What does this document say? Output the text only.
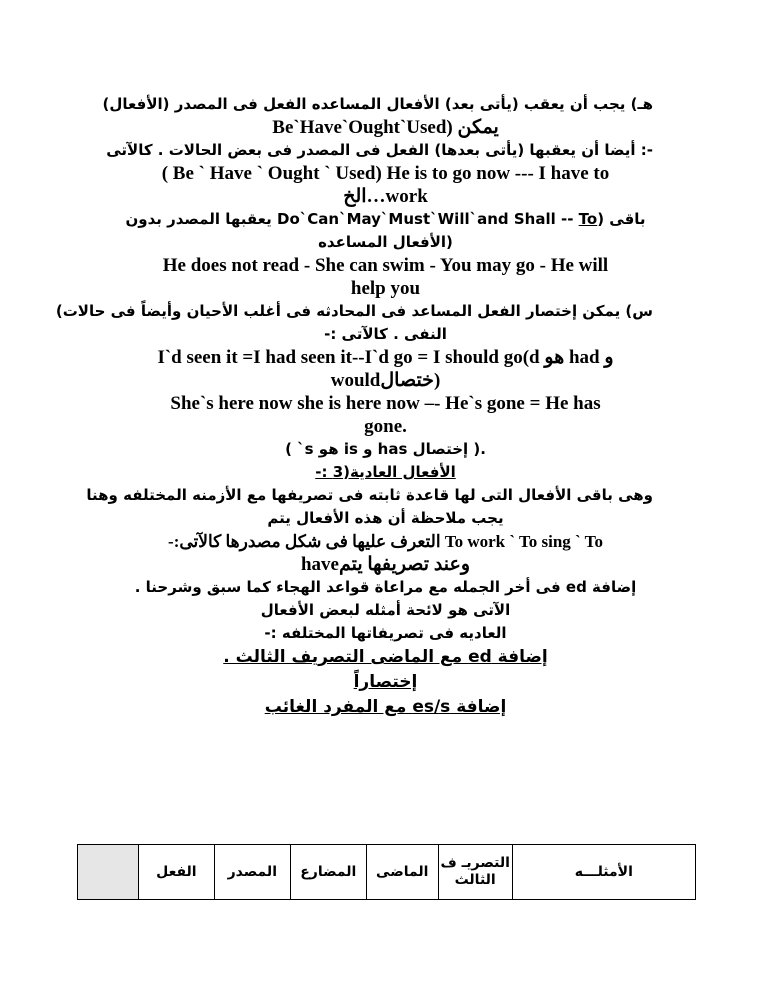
هـ) يجب أن يعقب (يأتى بعد) الأفعال المساعده الفعل فى المصدر (الأفعال)
Be`Have`Ought`Used) يمكن
-: أيضا أن يعقبها (يأتى بعدها) الفعل فى المصدر فى بعض الحالات . كالآتى
( Be ` Have ` Ought ` Used) He is to go now --- I have to
الخ…work
باقى (Do`Can`May`Must`Will`and Shall -- To يعقبها المصدر بدون
الأفعال المساعده)
He does not read - She can swim - You may go - He will
help you
س) يمكن إختصار الفعل المساعد فى المحادثه فى أغلب الأحيان وأيضاً فى حالات)
-: النفى . كالآتى
I`d seen it =I had seen it--I`d go = I should go(d هو had و
wouldختصال)
She`s here now she is here now –- He`s gone = He has
gone.
( `s هو is و has إختصال ).
-: الأفعال العادية(3
وهى باقى الأفعال التى لها قاعدة ثابته فى تصريفها مع الأزمنه المختلفه وهنا
يجب ملاحظة أن هذه الأفعال يتم
-:التعرف عليها فى شكل مصدرها كالآتى To work ` To sing ` To
haveوعند تصريفها يتم
إضافة ed فى أخر الجمله مع مراعاة قواعد الهجاء كما سبق وشرحنا .
الآتى هو لائحة أمثله لبعض الأفعال
-: العاديه فى تصريفاتها المختلفه
إضافة ed مع الماضى التصريف الثالث .
إختصاراً
إضافة es/s مع المفرد الغائب
الأمثلـــه	التصريـ ف الثالث	الماضى	المضارع	المصدر	الفعل	
